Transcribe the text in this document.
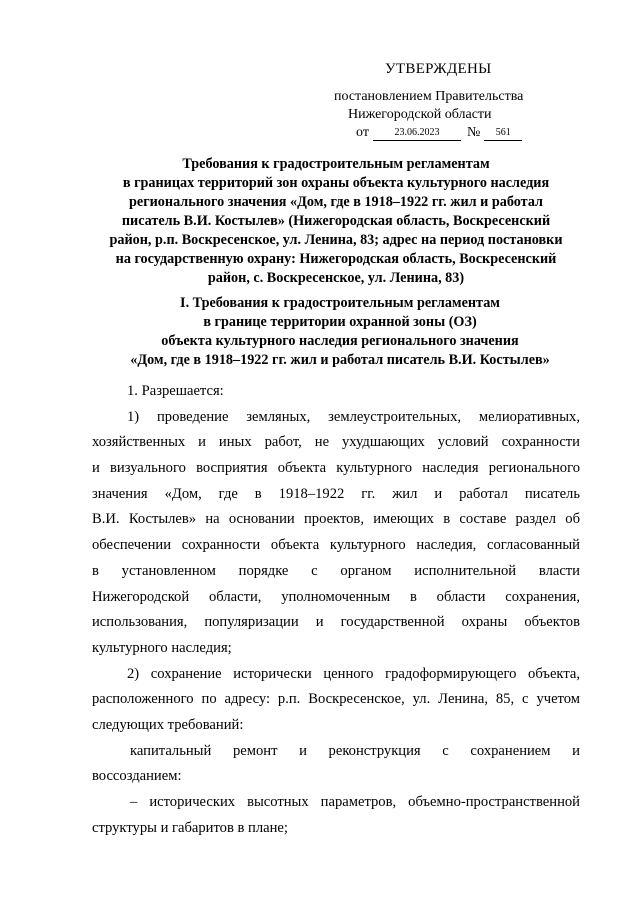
УТВЕРЖДЕНЫ
постановлением Правительства
Нижегородской области
от	23.06.2023 № 561
Требования к градостроительным регламентам
в границах территорий зон охраны объекта культурного наследия
регионального значения «Дом, где в 1918–1922 гг. жил и работал
писатель В.И. Костылев» (Нижегородская область, Воскресенский
район, р.п. Воскресенское, ул. Ленина, 83; адрес на период постановки
на государственную охрану: Нижегородская область, Воскресенский
район, с. Воскресенское, ул. Ленина, 83)
I. Требования к градостроительным регламентам
в границе территории охранной зоны (ОЗ)
объекта культурного наследия регионального значения
«Дом, где в 1918–1922 гг. жил и работал писатель В.И. Костылев»
1. Разрешается:
1) проведение земляных, землеустроительных, мелиоративных,
хозяйственных и иных работ, не ухудшающих условий сохранности
и визуального восприятия объекта культурного наследия регионального
значения «Дом, где в 1918–1922 гг. жил и работал писатель
В.И. Костылев» на основании проектов, имеющих в составе раздел об
обеспечении сохранности объекта культурного наследия, согласованный
в установленном порядке с органом исполнительной власти
Нижегородской области, уполномоченным в области сохранения,
использования, популяризации и государственной охраны объектов
культурного наследия;
2) сохранение исторически ценного градоформирующего объекта,
расположенного по адресу: р.п. Воскресенское, ул. Ленина, 85, с учетом
следующих требований:
капитальный ремонт и реконструкция с сохранением и
воссозданием:
– исторических высотных параметров, объемно-пространственной
структуры и габаритов в плане;
